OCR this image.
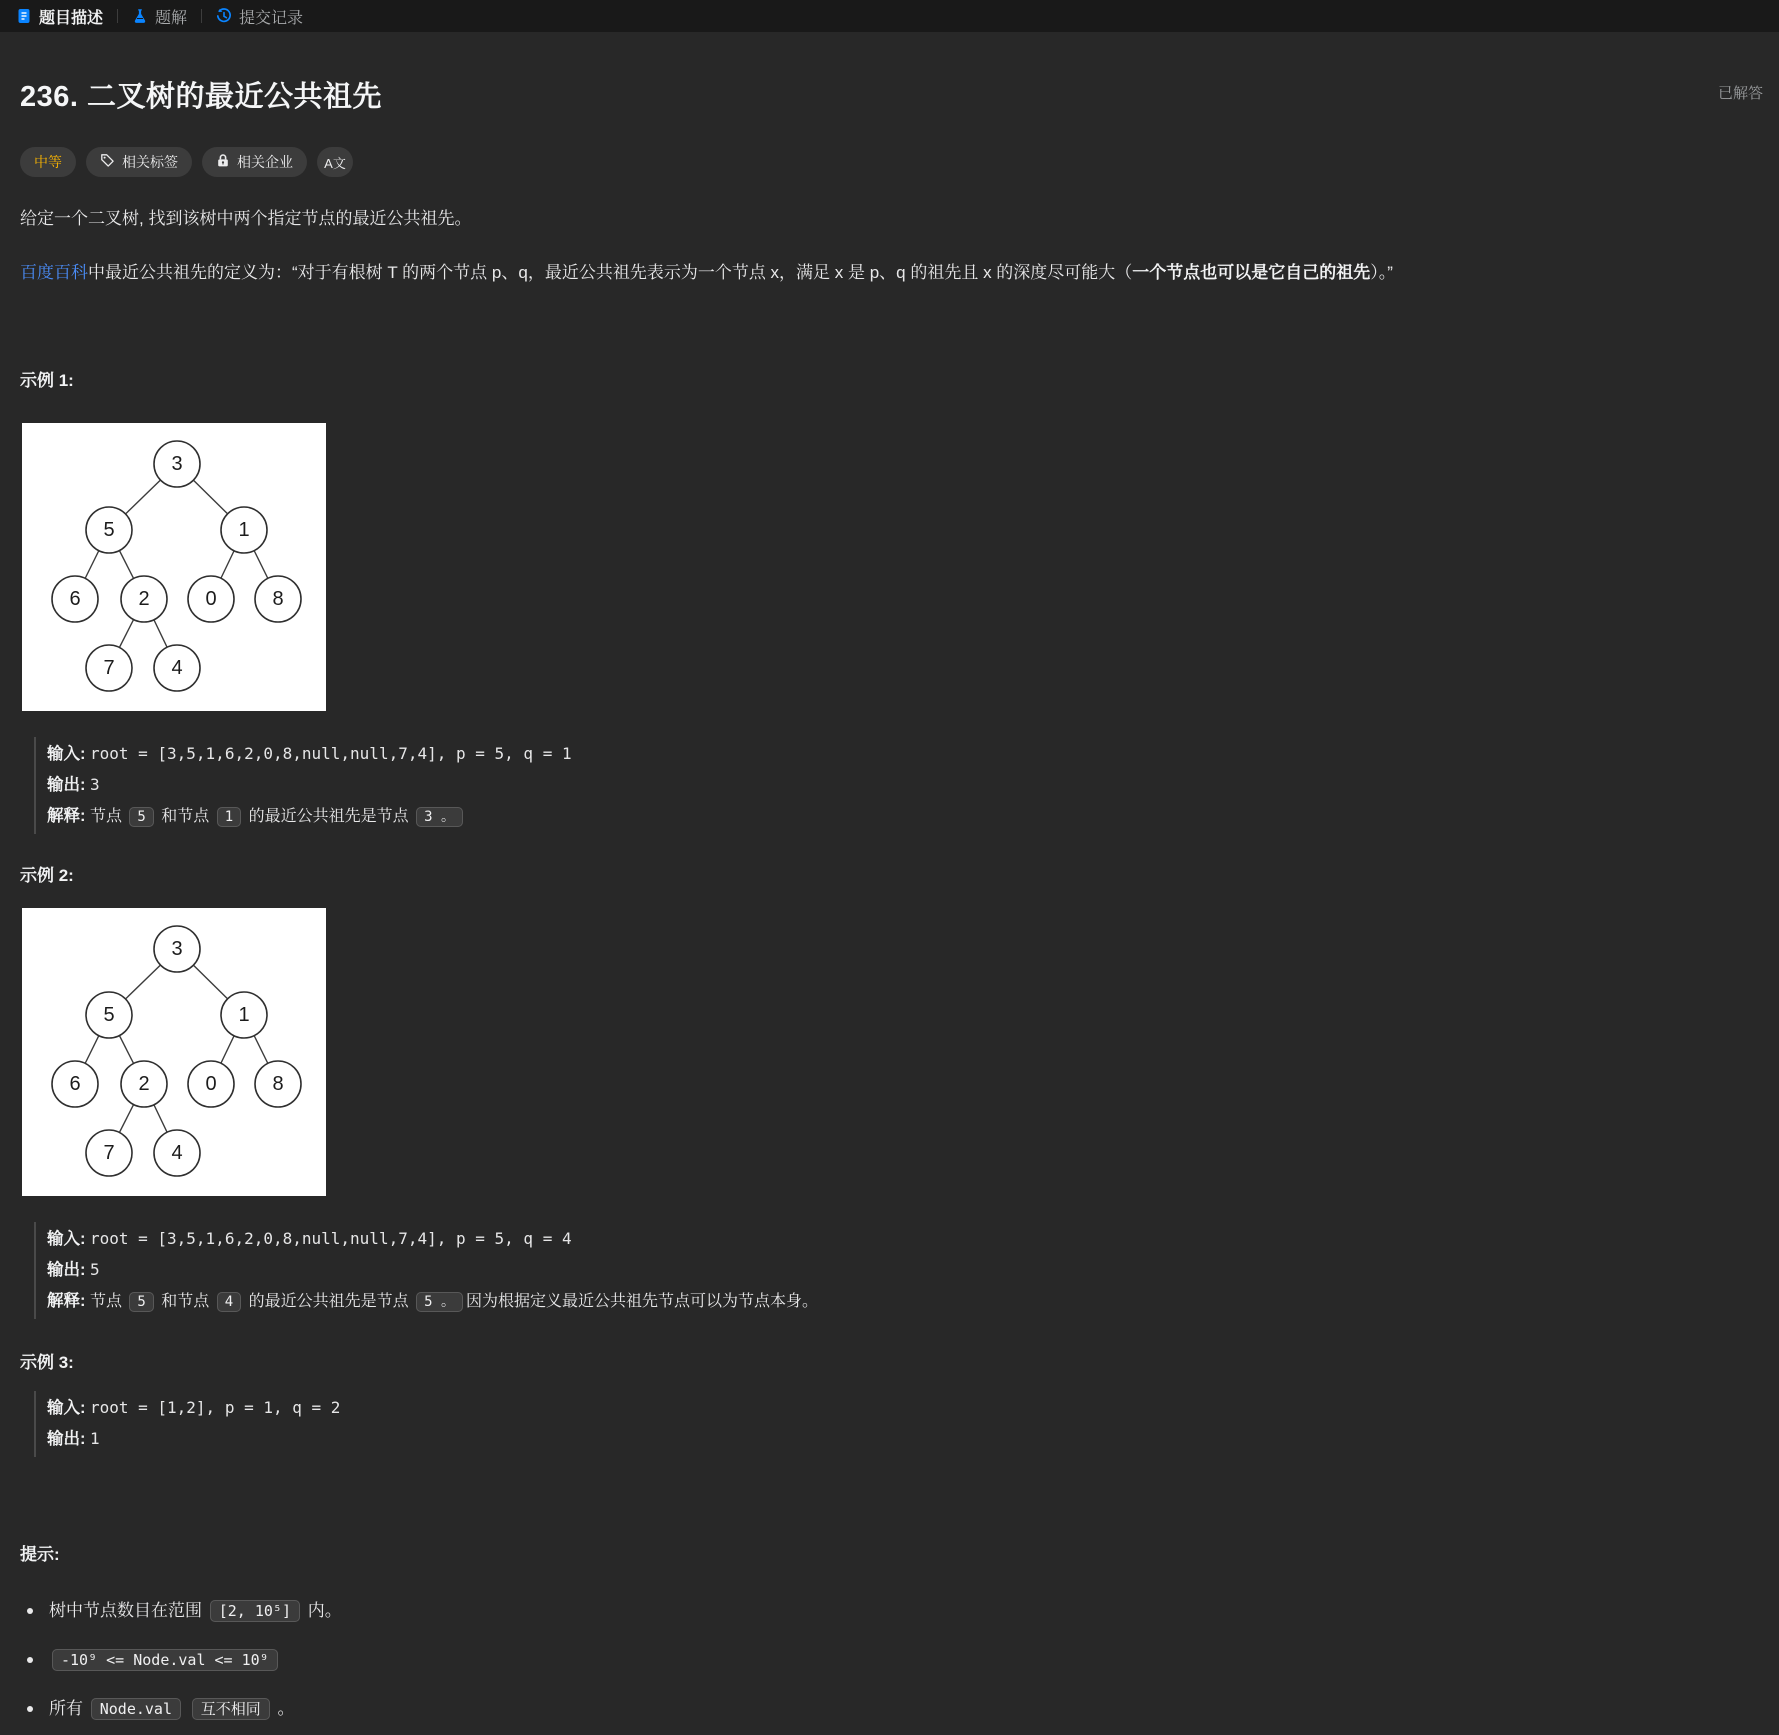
题目描述	题解	提交记录
236. 二叉树的最近公共祖先	已解答
中等	相关标签	相关企业	A文

给定一个二叉树, 找到该树中两个指定节点的最近公共祖先。

百度百科中最近公共祖先的定义为：“对于有根树 T 的两个节点 p、q，最近公共祖先表示为一个节点 x，满足 x 是 p、q 的祖先且 x 的深度尽可能大（一个节点也可以是它自己的祖先）。”

示例 1:
3
5	1
6	2	0	8
7	4
输入: root = [3,5,1,6,2,0,8,null,null,7,4], p = 5, q = 1
输出: 3
解释: 节点 5 和节点 1 的最近公共祖先是节点 3 。
示例 2:
3
5	1
6	2	0	8
7	4
输入: root = [3,5,1,6,2,0,8,null,null,7,4], p = 5, q = 4
输出: 5
解释: 节点 5 和节点 4 的最近公共祖先是节点 5 。 因为根据定义最近公共祖先节点可以为节点本身。
示例 3:
输入: root = [1,2], p = 1, q = 2
输出: 1
提示:
树中节点数目在范围 [2, 10⁵] 内。
-10⁹ <= Node.val <= 10⁹
所有 Node.val 互不相同 。
